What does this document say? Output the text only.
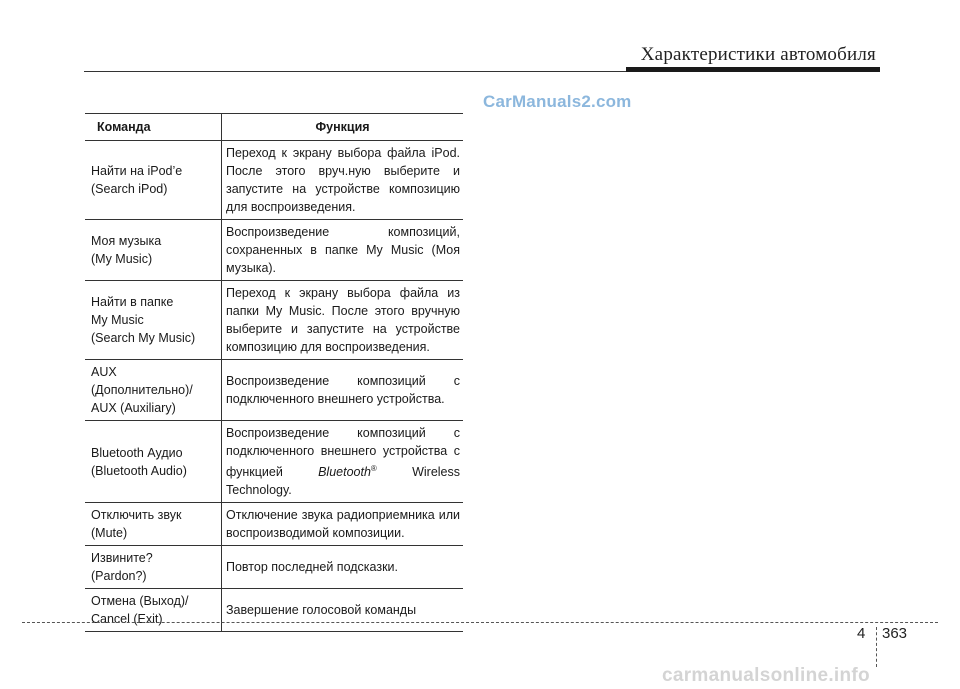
Характеристики автомобиля
CarManuals2.com
Команда	Функция

Найти на iPod’e
(Search iPod)	Переход к экрану выбора файла iPod. После этого вруч.ную выберите и запустите на устройстве композицию для воспроизведения.

Моя музыка
(My Music)	Воспроизведение композиций, сохраненных в папке My Music (Моя музыка).

Найти в папке
My Music
(Search My Music)	Переход к экрану выбора файла из папки My Music. После этого вручную выберите и запустите на устройстве композицию для воспроизведения.

AUX
(Дополнительно)/
AUX (Auxiliary)	Воспроизведение композиций с подключенного внешнего устройства.

Bluetooth Аудио
(Bluetooth Audio)	Воспроизведение композиций с подключенного внешнего устройства с функцией Bluetooth® Wireless Technology.

Отключить звук
(Mute)	Отключение звука радиоприемника или воспроизводимой композиции.

Извините?
(Pardon?)	Повтор последней подсказки.

Отмена (Выход)/
Cancel (Exit)	Завершение голосовой команды
4 363
carmanualsonline.info
